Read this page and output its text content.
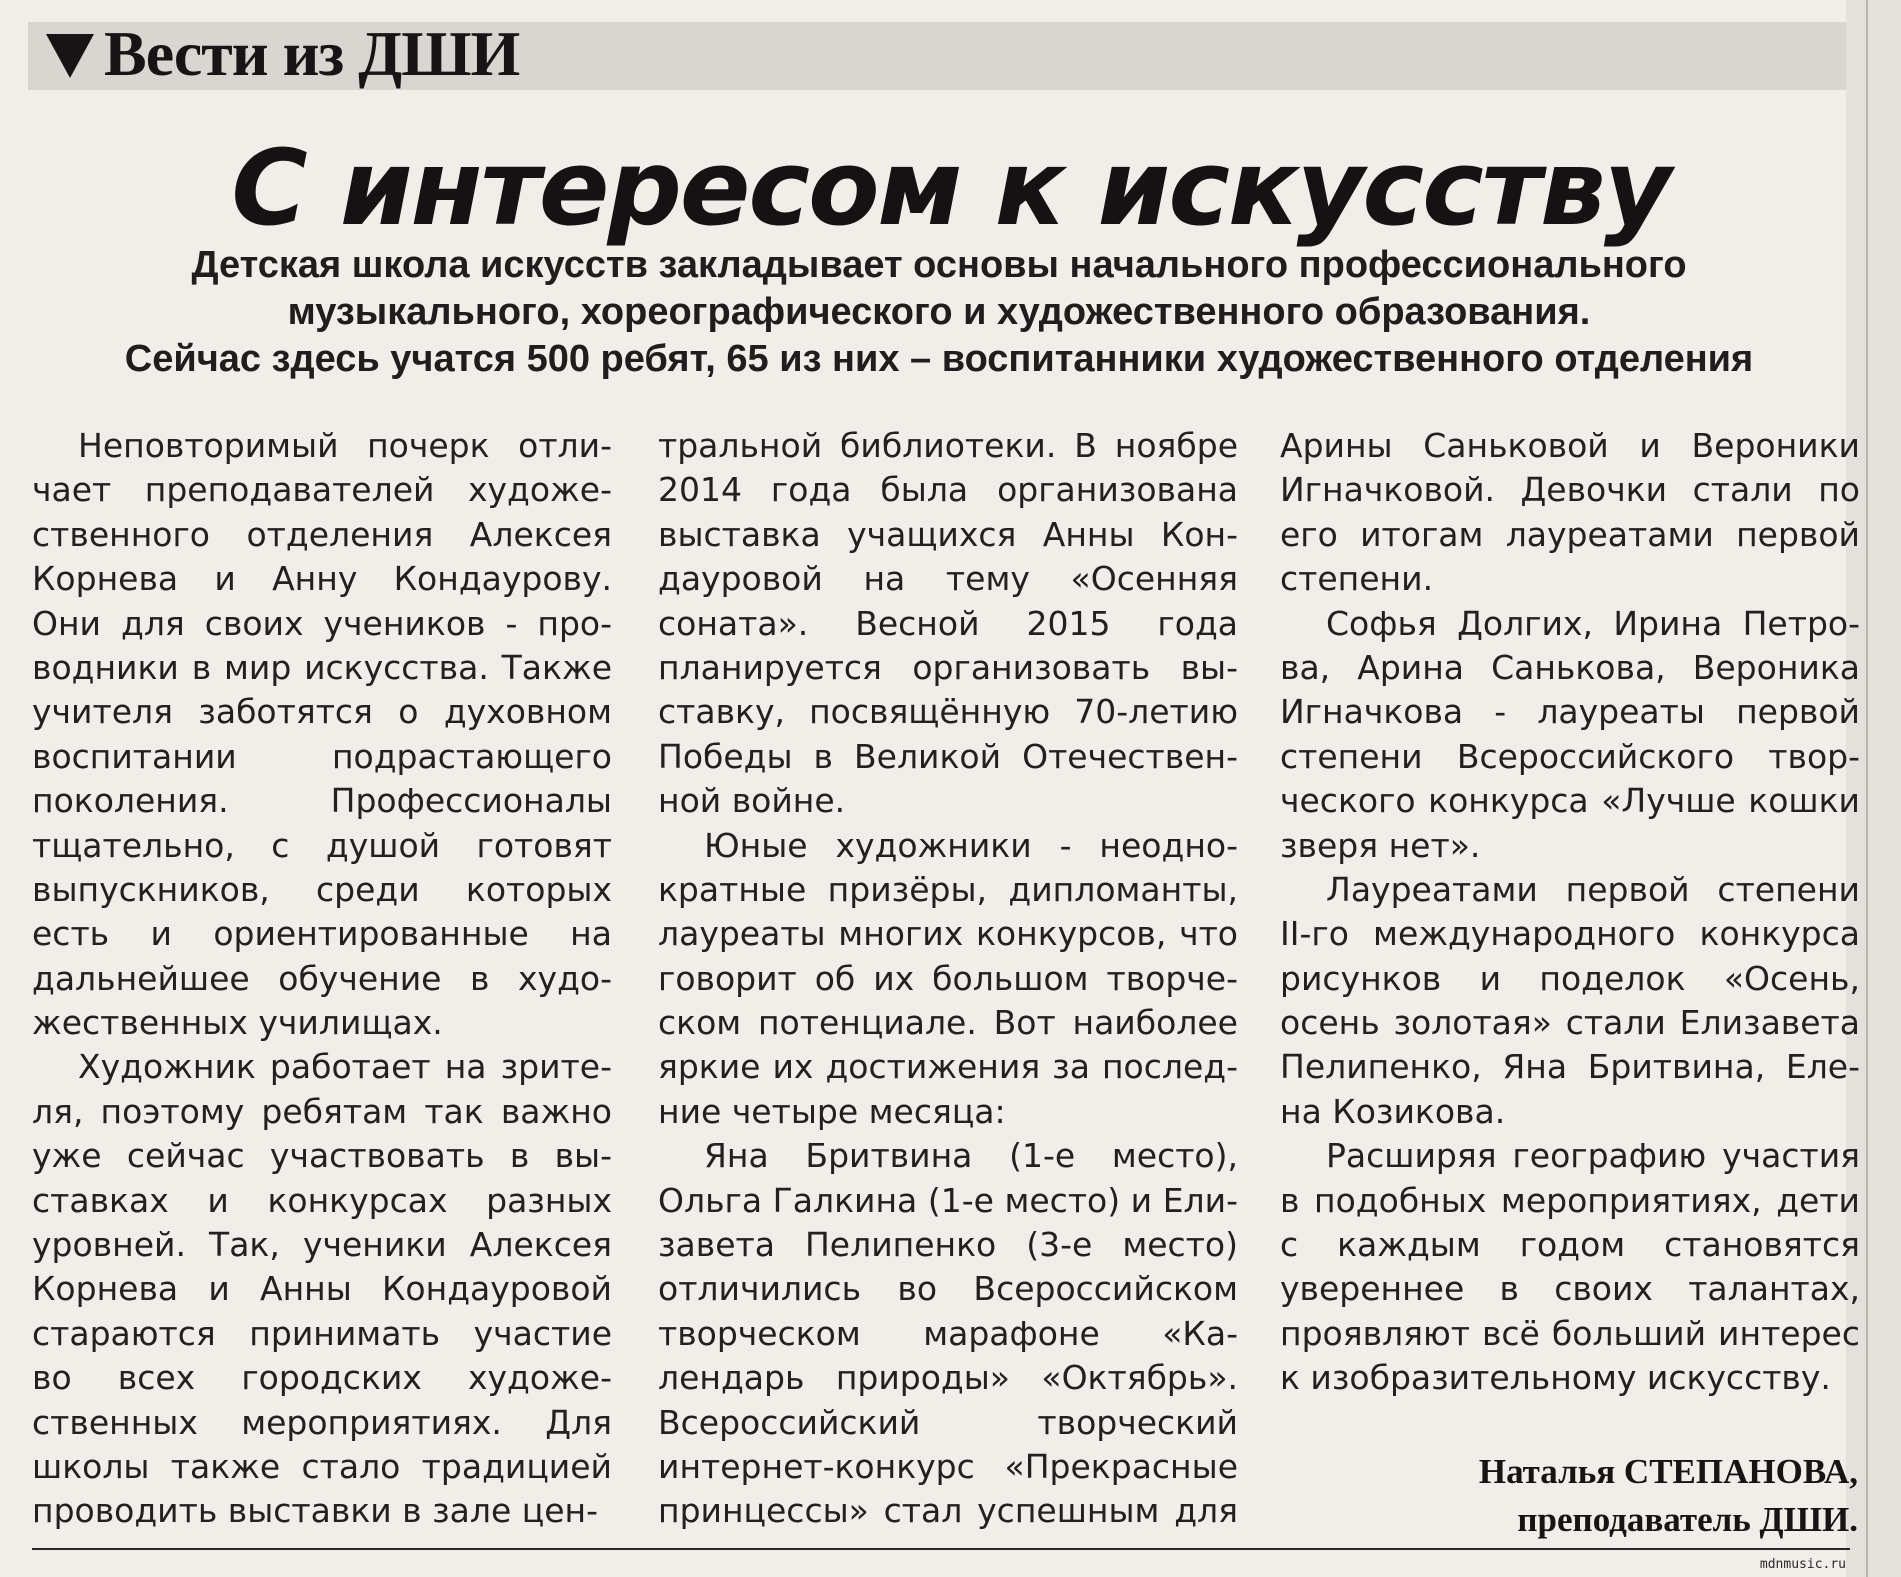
Вести из ДШИ
С интересом к искусству
Детская школа искусств закладывает основы начального профессионального
музыкального, хореографического и художественного образования.
Сейчас здесь учатся 500 ребят, 65 из них – воспитанники художественного отделения
Неповторимый почерк отли-
чает преподавателей художе-
ственного отделения Алексея
Корнева и Анну Кондаурову.
Они для своих учеников - про-
водники в мир искусства. Также
учителя заботятся о духовном
воспитании подрастающего
поколения. Профессионалы
тщательно, с душой готовят
выпускников, среди которых
есть и ориентированные на
дальнейшее обучение в худо-
жественных училищах.
Художник работает на зрите-
ля, поэтому ребятам так важно
уже сейчас участвовать в вы-
ставках и конкурсах разных
уровней. Так, ученики Алексея
Корнева и Анны Кондауровой
стараются принимать участие
во всех городских художе-
ственных мероприятиях. Для
школы также стало традицией
проводить выставки в зале цен-
тральной библиотеки. В ноябре
2014 года была организована
выставка учащихся Анны Кон-
дауровой на тему «Осенняя
соната». Весной 2015 года
планируется организовать вы-
ставку, посвящённую 70-летию
Победы в Великой Отечествен-
ной войне.
Юные художники - неодно-
кратные призёры, дипломанты,
лауреаты многих конкурсов, что
говорит об их большом творче-
ском потенциале. Вот наиболее
яркие их достижения за послед-
ние четыре месяца:
Яна Бритвина (1-е место),
Ольга Галкина (1-е место) и Ели-
завета Пелипенко (3-е место)
отличились во Всероссийском
творческом марафоне «Ка-
лендарь природы» «Октябрь».
Всероссийский творческий
интернет-конкурс «Прекрасные
принцессы» стал успешным для
Арины Саньковой и Вероники
Игначковой. Девочки стали по
его итогам лауреатами первой
степени.
Софья Долгих, Ирина Петро-
ва, Арина Санькова, Вероника
Игначкова - лауреаты первой
степени Всероссийского твор-
ческого конкурса «Лучше кошки
зверя нет».
Лауреатами первой степени
II-го международного конкурса
рисунков и поделок «Осень,
осень золотая» стали Елизавета
Пелипенко, Яна Бритвина, Еле-
на Козикова.
Расширяя географию участия
в подобных мероприятиях, дети
с каждым годом становятся
увереннее в своих талантах,
проявляют всё больший интерес
к изобразительному искусству.
Наталья СТЕПАНОВА,
преподаватель ДШИ.
mdnmusic.ru
